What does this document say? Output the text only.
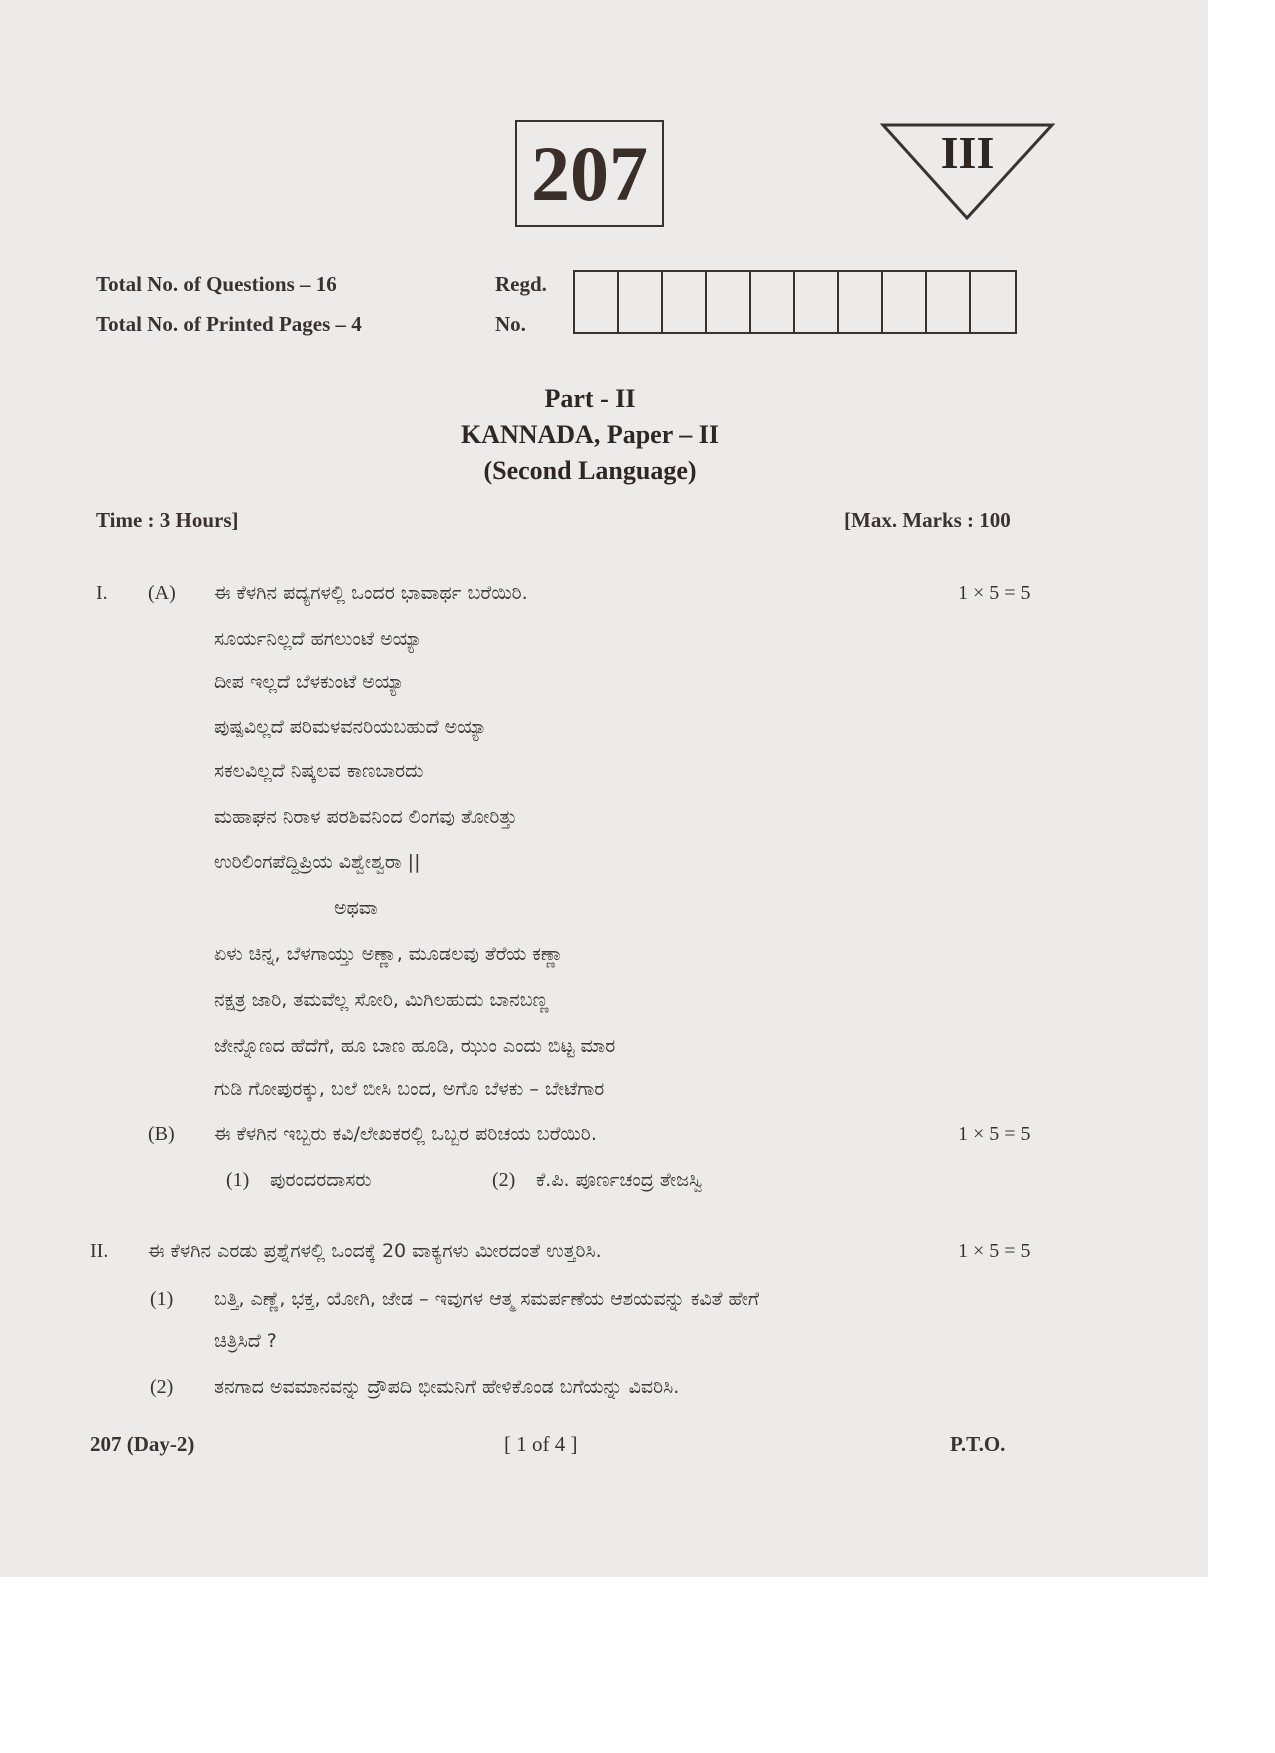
207	III
Total No. of Questions – 16
Total No. of Printed Pages – 4
Regd.
No.
Part - II
KANNADA, Paper – II
(Second Language)
Time : 3 Hours]	[Max. Marks : 100
I. (A) ಈ ಕೆಳಗಿನ ಪದ್ಯಗಳಲ್ಲಿ ಒಂದರ ಭಾವಾರ್ಥ ಬರೆಯಿರಿ.	1 × 5 = 5
ಸೂರ್ಯನಿಲ್ಲದೆ ಹಗಲುಂಟೆ ಅಯ್ಯಾ
ದೀಪ ಇಲ್ಲದೆ ಬೆಳಕುಂಟೆ ಅಯ್ಯಾ
ಪುಷ್ಪವಿಲ್ಲದೆ ಪರಿಮಳವನರಿಯಬಹುದೆ ಅಯ್ಯಾ
ಸಕಲವಿಲ್ಲದೆ ನಿಷ್ಕಲವ ಕಾಣಬಾರದು
ಮಹಾಘನ ನಿರಾಳ ಪರಶಿವನಿಂದ ಲಿಂಗವು ತೋರಿತ್ತು
ಉರಿಲಿಂಗಪೆದ್ದಿಪ್ರಿಯ ವಿಶ್ವೇಶ್ವರಾ ||
ಅಥವಾ
ಏಳು ಚಿನ್ನ, ಬೆಳಗಾಯ್ತು ಅಣ್ಣಾ, ಮೂಡಲವು ತೆರೆಯ ಕಣ್ಣಾ
ನಕ್ಷತ್ರ ಜಾರಿ, ತಮವೆಲ್ಲ ಸೋರಿ, ಮಿಗಿಲಹುದು ಬಾನಬಣ್ಣ
ಜೇನ್ನೊಣದ ಹೆದೆಗೆ, ಹೂ ಬಾಣ ಹೂಡಿ, ಝುಂ ಎಂದು ಬಿಟ್ಟ ಮಾರ
ಗುಡಿ ಗೋಪುರಕ್ಕು, ಬಲೆ ಬೀಸಿ ಬಂದ, ಅಗೊ ಬೆಳಕು – ಬೇಟೆಗಾರ
(B) ಈ ಕೆಳಗಿನ ಇಬ್ಬರು ಕವಿ/ಲೇಖಕರಲ್ಲಿ ಒಬ್ಬರ ಪರಿಚಯ ಬರೆಯಿರಿ.	1 × 5 = 5
(1) ಪುರಂದರದಾಸರು	(2) ಕೆ.ಪಿ. ಪೂರ್ಣಚಂದ್ರ ತೇಜಸ್ವಿ
II. ಈ ಕೆಳಗಿನ ಎರಡು ಪ್ರಶ್ನೆಗಳಲ್ಲಿ ಒಂದಕ್ಕೆ 20 ವಾಕ್ಯಗಳು ಮೀರದಂತೆ ಉತ್ತರಿಸಿ.	1 × 5 = 5
(1) ಬತ್ತಿ, ಎಣ್ಣೆ, ಭಕ್ತ, ಯೋಗಿ, ಜೇಡ – ಇವುಗಳ ಆತ್ಮ ಸಮರ್ಪಣೆಯ ಆಶಯವನ್ನು ಕವಿತೆ ಹೇಗೆ
ಚಿತ್ರಿಸಿದೆ ?
(2) ತನಗಾದ ಅವಮಾನವನ್ನು ದ್ರೌಪದಿ ಭೀಮನಿಗೆ ಹೇಳಿಕೊಂಡ ಬಗೆಯನ್ನು ವಿವರಿಸಿ.
207 (Day-2)	[ 1 of 4 ]	P.T.O.
